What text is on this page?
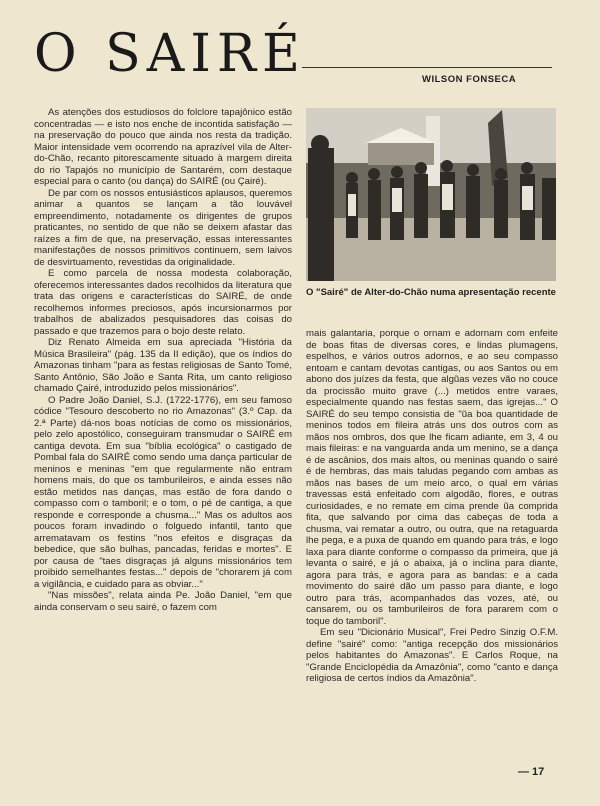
O SAIRÉ	WILSON FONSECA

As atenções dos estudiosos do folclore tapajônico estão concentradas — e isto nos enche de incontida satisfação — na preservação do pouco que ainda nos resta da tradição. Maior intensidade vem ocorrendo na aprazível vila de Alter-do-Chão, recanto pitorescamente situado à margem direita do rio Tapajós no município de Santarém, com destaque especial para o canto (ou dança) do SAIRÉ (ou Çairé).

De par com os nossos entusiásticos aplausos, queremos animar a quantos se lançam a tão louvável empreendimento, notadamente os dirigentes de grupos praticantes, no sentido de que não se deixem afastar das raízes a fim de que, na preservação, essas interessantes manifestações de nossos primitivos continuem, sem laivos de desvirtuamento, revestidas da originalidade.

E como parcela de nossa modesta colaboração, oferecemos interessantes dados recolhidos da literatura que trata das origens e características do SAIRÉ, de onde recolhemos informes preciosos, após incursionarmos por trabalhos de abalizados pesquisadores das coisas do passado e que trazemos para o bojo deste relato.

Diz Renato Almeida em sua apreciada "História da Música Brasileira" (pág. 135 da II edição), que os índios do Amazonas tinham "para as festas religiosas de Santo Tomé, Santo Antônio, São João e Santa Rita, um canto religioso chamado Çairé, introduzido pelos missionários".

O Padre João Daniel, S.J. (1722-1776), em seu famoso códice "Tesouro descoberto no rio Amazonas" (3.º Cap. da 2.ª Parte) dá-nos boas notícias de como os missionários, pelo zelo apostólico, conseguiram transmudar o SAIRÉ em cantiga devota. Em sua "bíblia ecológica" o castigado de Pombal fala do SAIRÉ como sendo uma dança particular de meninos e meninas "em que regularmente não entram homens mais, do que os tamburileiros, e ainda esses não estão metidos nas danças, mas estão de fora dando o compasso com o tamboril; e o tom, o pé de cantiga, a que responde e corresponde a chusma..." Mas os adultos aos poucos foram invadindo o folguedo infantil, tanto que arrematavam os festins "nos efeitos e disgraças da bebedice, que são bulhas, pancadas, feridas e mortes". E por causa de "taes disgraças já alguns missionários tem proibido semelhantes festas..." depois de "chorarem já com a vigilância, e cuidado para as obviar..."

"Nas missões", relata ainda Pe. João Daniel, "em que ainda conservam o seu sairé, o fazem com

O "Sairé" de Alter-do-Chão numa apresentação recente

mais galantaria, porque o ornam e adornam com enfeite de boas fitas de diversas cores, e lindas plumagens, espelhos, e vários outros adornos, e ao seu compasso entoam e cantam devotas cantigas, ou aos Santos ou em abono dos juízes da festa, que algũas vezes vão no couce da procissão muito grave (...) metidos entre varaes, especialmente quando nas festas saem, das igrejas..." O SAIRÉ do seu tempo consistia de "ũa boa quantidade de meninos todos em fileira atrás uns dos outros com as mãos nos ombros, dos que lhe ficam adiante, em 3, 4 ou mais fileiras: e na vanguarda anda um menino, se a dança é de ascânios, dos mais altos, ou meninas quando o sairé é de hembras, das mais taludas pegando com ambas as mãos nas bases de um meio arco, o qual em várias travessas está enfeitado com algodão, flores, e outras curiosidades, e no remate em cima prende ũa comprida fita, que salvando por cima das cabeças de toda a chusma, vai rematar a outro, ou outra, que na retaguarda lhe pega, e a puxa de quando em quando para trás, e logo laxa para diante conforme o compasso da primeira, que já levanta o sairé, e já o abaixa, já o inclina para diante, agora para trás, e agora para as bandas: e a cada movimento do sairé dão um passo para diante, e logo outro para trás, acompanhados das vozes, até, ou cansarem, ou os tamburileiros de fora pararem com o toque do tamboril".

Em seu "Dicionário Musical", Frei Pedro Sinzig O.F.M. define "sairé" como: "antiga recepção dos missionários pelos habitantes do Amazonas". E Carlos Roque, na "Grande Enciclopédia da Amazônia", como "canto e dança religiosa de certos índios da Amazônia".

— 17
